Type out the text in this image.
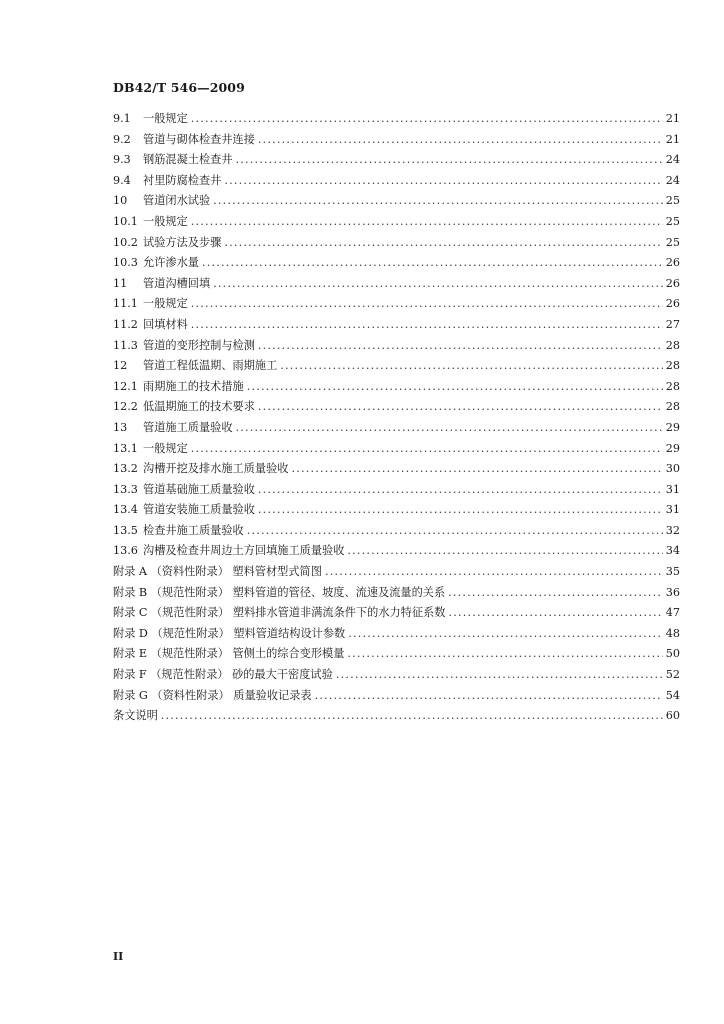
DB42/T 546—2009
9.1	一般规定 .....	21
9.2	管道与砌体检查井连接 .....	21
9.3	钢筋混凝土检查井 .....	24
9.4	衬里防腐检查井 .....	24
10	管道闭水试验 .....	25
10.1 一般规定 .....	25
10.2 试验方法及步骤 .....	25
10.3 允许渗水量 .....	26
11	管道沟槽回填 .....	26
11.1 一般规定 .....	26
11.2 回填材料 .....	27
11.3 管道的变形控制与检测 .....	28
12	管道工程低温期、雨期施工 .....	28
12.1 雨期施工的技术措施 .....	28
12.2 低温期施工的技术要求 .....	28
13	管道施工质量验收 .....	29
13.1 一般规定 .....	29
13.2 沟槽开挖及排水施工质量验收 .....	30
13.3 管道基础施工质量验收 .....	31
13.4 管道安装施工质量验收 .....	31
13.5 检查井施工质量验收 .....	32
13.6 沟槽及检查井周边土方回填施工质量验收 .....	34
附录 A （资料性附录） 塑料管材型式简图 .....	35
附录 B （规范性附录） 塑料管道的管径、坡度、流速及流量的关系 .....	36
附录 C （规范性附录） 塑料排水管道非满流条件下的水力特征系数 .....	47
附录 D （规范性附录） 塑料管道结构设计参数 .....	48
附录 E （规范性附录） 管侧土的综合变形模量 .....	50
附录 F （规范性附录） 砂的最大干密度试验 .....	52
附录 G （资料性附录） 质量验收记录表 .....	54
条文说明 .....	60
II
